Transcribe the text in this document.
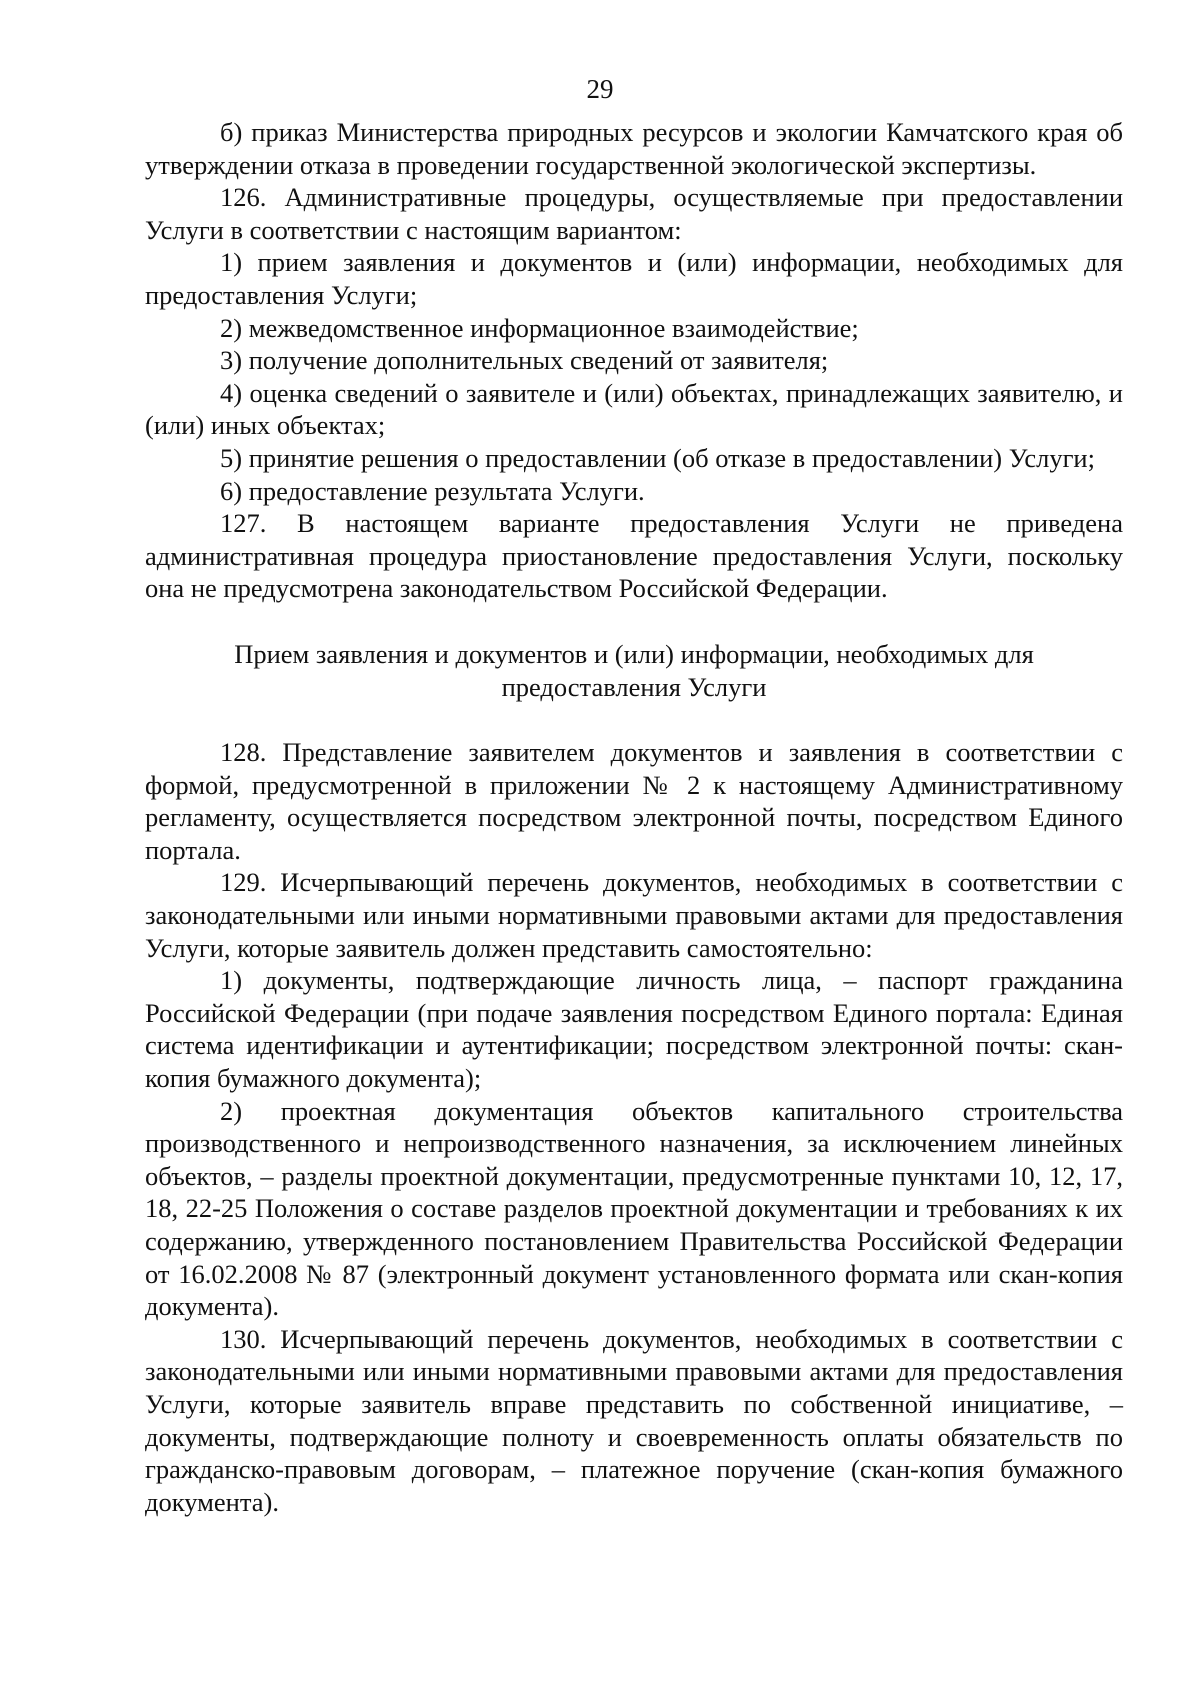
29

б) приказ Министерства природных ресурсов и экологии Камчатского края об утверждении отказа в проведении государственной экологической экспертизы.

126. Административные процедуры, осуществляемые при предоставлении Услуги в соответствии с настоящим вариантом:

1) прием заявления и документов и (или) информации, необходимых для предоставления Услуги;

2) межведомственное информационное взаимодействие;

3) получение дополнительных сведений от заявителя;

4) оценка сведений о заявителе и (или) объектах, принадлежащих заявителю, и (или) иных объектах;

5) принятие решения о предоставлении (об отказе в предоставлении) Услуги;

6) предоставление результата Услуги.

127. В настоящем варианте предоставления Услуги не приведена административная процедура приостановление предоставления Услуги, поскольку она не предусмотрена законодательством Российской Федерации.

Прием заявления и документов и (или) информации, необходимых для предоставления Услуги

128. Представление заявителем документов и заявления в соответствии с формой, предусмотренной в приложении № 2 к настоящему Административному регламенту, осуществляется посредством электронной почты, посредством Единого портала.

129. Исчерпывающий перечень документов, необходимых в соответствии с законодательными или иными нормативными правовыми актами для предоставления Услуги, которые заявитель должен представить самостоятельно:

1) документы, подтверждающие личность лица, – паспорт гражданина Российской Федерации (при подаче заявления посредством Единого портала: Единая система идентификации и аутентификации; посредством электронной почты: скан-копия бумажного документа);

2) проектная документация объектов капитального строительства производственного и непроизводственного назначения, за исключением линейных объектов, – разделы проектной документации, предусмотренные пунктами 10, 12, 17, 18, 22-25 Положения о составе разделов проектной документации и требованиях к их содержанию, утвержденного постановлением Правительства Российской Федерации от 16.02.2008 № 87 (электронный документ установленного формата или скан-копия документа).

130. Исчерпывающий перечень документов, необходимых в соответствии с законодательными или иными нормативными правовыми актами для предоставления Услуги, которые заявитель вправе представить по собственной инициативе, – документы, подтверждающие полноту и своевременность оплаты обязательств по гражданско-правовым договорам, – платежное поручение (скан-копия бумажного документа).
